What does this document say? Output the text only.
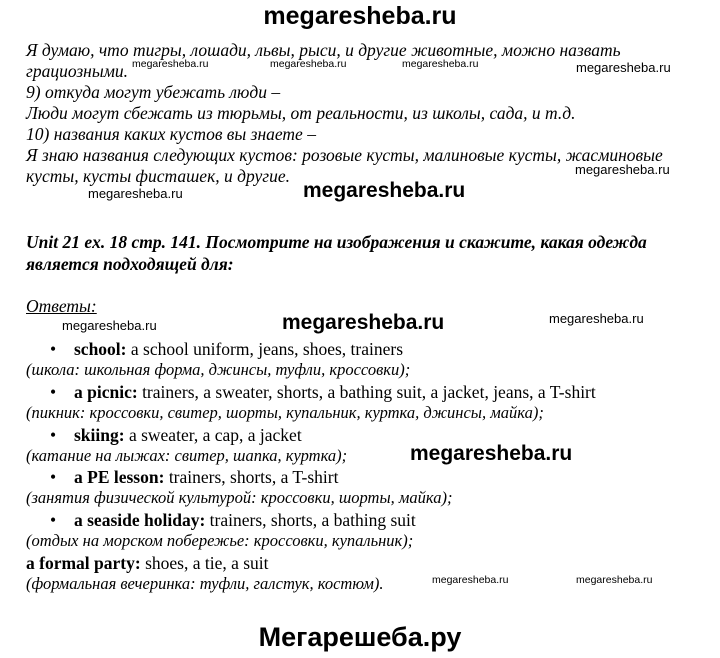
megaresheba.ru
megaresheba.ru	megaresheba.ru	megaresheba.ru	megaresheba.ru
megaresheba.ru
megaresheba.ru	megaresheba.ru
megaresheba.ru	megaresheba.ru	megaresheba.ru
megaresheba.ru
megaresheba.ru	megaresheba.ru
Я думаю, что тигры, лошади, львы, рыси, и другие животные, можно назвать
грациозными.
9) откуда могут убежать люди –
Люди могут сбежать из тюрьмы, от реальности, из школы, сада, и т.д.
10) названия каких кустов вы знаете –
Я знаю названия следующих кустов: розовые кусты, малиновые кусты, жасминовые
кусты, кусты фисташек, и другие.
Unit 21 ex. 18 стр. 141. Посмотрите на изображения и скажите, какая одежда
является подходящей для:
Ответы:
• school: a school uniform, jeans, shoes, trainers
(школа: школьная форма, джинсы, туфли, кроссовки);
• a picnic: trainers, a sweater, shorts, a bathing suit, a jacket, jeans, a T-shirt
(пикник: кроссовки, свитер, шорты, купальник, куртка, джинсы, майка);
• skiing: a sweater, a cap, a jacket
(катание на лыжах: свитер, шапка, куртка);
• a PE lesson: trainers, shorts, a T-shirt
(занятия физической культурой: кроссовки, шорты, майка);
• a seaside holiday: trainers, shorts, a bathing suit
(отдых на морском побережье: кроссовки, купальник);
a formal party: shoes, a tie, a suit
(формальная вечеринка: туфли, галстук, костюм).
Мегарешеба.ру
